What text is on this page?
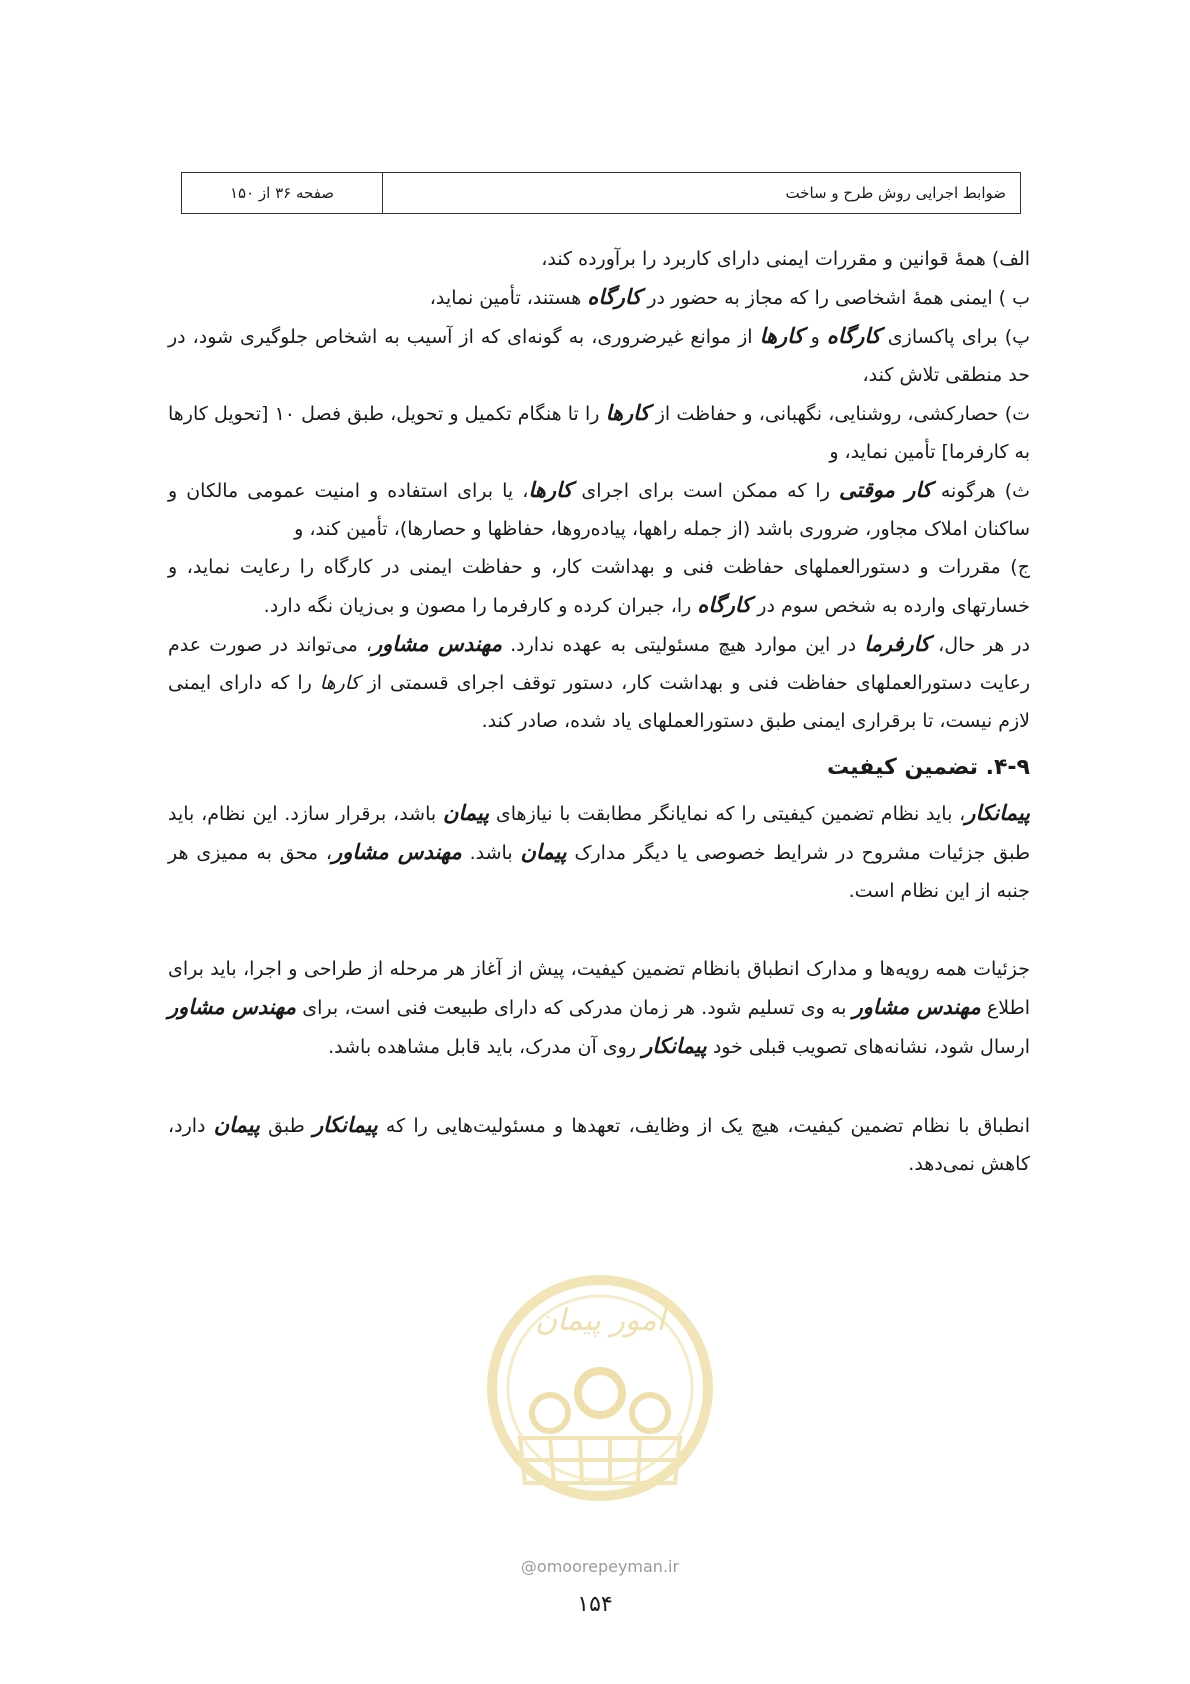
ضوابط اجرایی روش طرح و ساخت
صفحه ۳۶ از ۱۵۰

الف) همهٔ قوانین و مقررات ایمنی دارای کاربرد را برآورده کند،

ب ) ایمنی همهٔ اشخاصی را که مجاز به حضور در کارگاه هستند، تأمین نماید،

پ) برای پاکسازی کارگاه و کارها از موانع غیرضروری، به گونه‌ای که از آسیب به اشخاص جلوگیری شود، در حد منطقی تلاش کند،

ت) حصارکشی، روشنایی، نگهبانی، و حفاظت از کارها را تا هنگام تکمیل و تحویل، طبق فصل ۱۰ [تحویل کارها به کارفرما] تأمین نماید، و

ث) هرگونه کار موقتی را که ممکن است برای اجرای کارها، یا برای استفاده و امنیت عمومی مالکان و ساکنان املاک مجاور، ضروری باشد (از جمله راهها، پیاده‌روها، حفاظها و حصارها)، تأمین کند، و

ج) مقررات و دستورالعملهای حفاظت فنی و بهداشت کار، و حفاظت ایمنی در کارگاه را رعایت نماید، و خسارتهای وارده به شخص سوم در کارگاه را، جبران کرده و کارفرما را مصون و بی‌زیان نگه دارد.

در هر حال، کارفرما در این موارد هیچ مسئولیتی به عهده ندارد. مهندس مشاور، می‌تواند در صورت عدم رعایت دستورالعملهای حفاظت فنی و بهداشت کار، دستور توقف اجرای قسمتی از کارها را که دارای ایمنی لازم نیست، تا برقراری ایمنی طبق دستورالعملهای یاد شده، صادر کند.

۴-۹. تضمین کیفیت

پیمانکار، باید نظام تضمین کیفیتی را که نمایانگر مطابقت با نیازهای پیمان باشد، برقرار سازد. این نظام، باید طبق جزئیات مشروح در شرایط خصوصی یا دیگر مدارک پیمان باشد. مهندس مشاور، محق به ممیزی هر جنبه از این نظام است.

جزئیات همه رویه‌ها و مدارک انطباق بانظام تضمین کیفیت، پیش از آغاز هر مرحله از طراحی و اجرا، باید برای اطلاع مهندس مشاور به وی تسلیم شود. هر زمان مدرکی که دارای طبیعت فنی است، برای مهندس مشاور ارسال شود، نشانه‌های تصویب قبلی خود پیمانکار روی آن مدرک، باید قابل مشاهده باشد.

انطباق با نظام تضمین کیفیت، هیچ یک از وظایف، تعهدها و مسئولیت‌هایی را که پیمانکار طبق پیمان دارد، کاهش نمی‌دهد.

امور پیمان
@omoorepeyman.ir
۱۵۴
